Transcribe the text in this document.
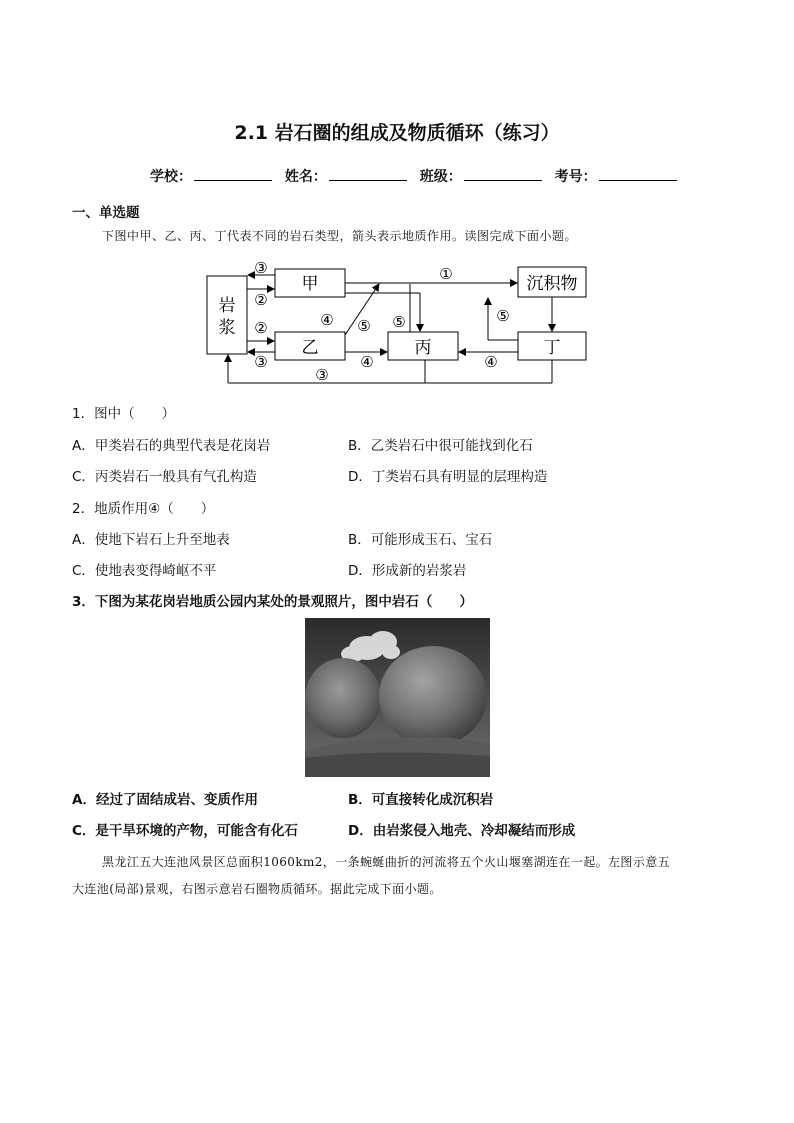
2.1 岩石圈的组成及物质循环（练习）
学校：	姓名：	班级：	考号：
一、单选题
下图中甲、乙、丙、丁代表不同的岩石类型，箭头表示地质作用。读图完成下面小题。
岩
浆
甲	沉积物
乙	丙	丁
③
②
②
③
①
④ ⑤ ⑤	⑤
④	④
③
1．图中（　　）
A．甲类岩石的典型代表是花岗岩	B．乙类岩石中很可能找到化石
C．丙类岩石一般具有气孔构造	D．丁类岩石具有明显的层理构造
2．地质作用④（　　）
A．使地下岩石上升至地表	B．可能形成玉石、宝石
C．使地表变得崎岖不平	D．形成新的岩浆岩
3．下图为某花岗岩地质公园内某处的景观照片，图中岩石（　　）
A．经过了固结成岩、变质作用	B．可直接转化成沉积岩
C．是干旱环境的产物，可能含有化石	D．由岩浆侵入地壳、冷却凝结而形成
黑龙江五大连池风景区总面积1060km2，一条蜿蜒曲折的河流将五个火山堰塞湖连在一起。左图示意五
大连池(局部)景观，右图示意岩石圈物质循环。据此完成下面小题。
